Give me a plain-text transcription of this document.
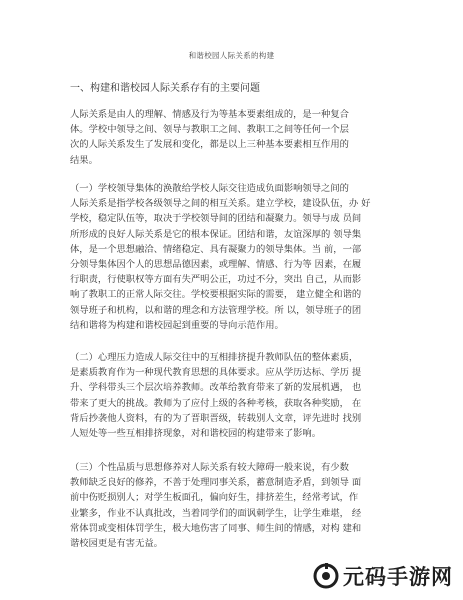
和谐校园人际关系的构建
一、构建和谐校园人际关系存有的主要问题
人际关系是由人的理解、情感及行为等基本要素组成的，是一种复合
体。学校中领导之间、领导与教职工之间、教职工之间等任何一个层
次的人际关系发生了发展和变化，都是以上三种基本要素相互作用的
结果。
（一）学校领导集体的涣散给学校人际交往造成负面影响领导之间的
人际关系是指学校各级领导之间的相互关系。建立学校，建设队伍，办 好
学校，稳定队伍等，取决于学校领导间的团结和凝聚力。领导与成 员间
所形成的良好人际关系是它的根本保证。团结和谐，友谊深厚的 领导集
体，是一个思想融洽、情绪稳定、具有凝聚力的领导集体。当 前，一部
分领导集体因个人的思想品德因素，或理解、情感、行为等 因素，在履
行职责，行使职权等方面有失严明公正，功过不分，突出 自己，从而影
响了教职工的正常人际交往。学校要根据实际的需要， 建立健全和谐的
领导班子和机构，以和谐的理念和方法管理学校。所 以，领导班子的团
结和谐将为构建和谐校园起到重要的导向示范作用。
（二）心理压力造成人际交往中的互相排挤提升教师队伍的整体素质，
是素质教育作为一种现代教育思想的具体要求。应从学历达标、学历 提
升、学科带头三个层次培养教师。改革给教育带来了新的发展机遇， 也
带来了更大的挑战。教师为了应付上级的各种考核，获取各种奖励， 在
背后抄袭他人资料，有的为了晋职晋级，转载别人文章，评先进时 找别
人短处等一些互相排挤现象，对和谐校园的构建带来了影响。
（三）个性品质与思想修养对人际关系有较大障碍一般来说，有少数
教师缺乏良好的修养，不善于处理同事关系，蓄意制造矛盾，到领导 面
前中伤贬损别人；对学生板面孔，偏向好生，排挤差生，经常考试，作
业繁多，作业不认真批改，当着同学们的面讽刺学生，让学生难堪， 经
常体罚或变相体罚学生，极大地伤害了同事、师生间的情感，对构 建和
谐校园更是有害无益。
元码手游网
